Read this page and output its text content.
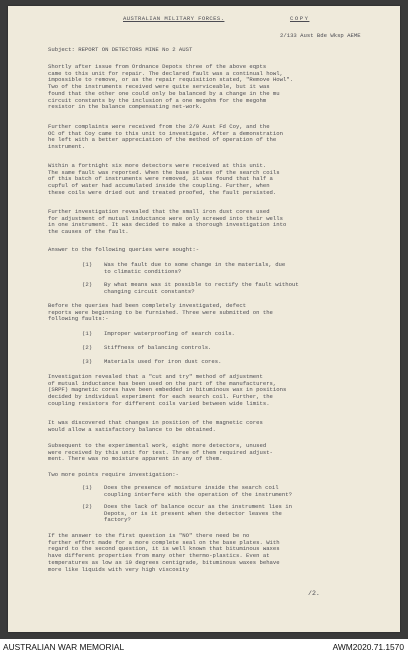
AUSTRALIAN MILITARY FORCES.	COPY
2/133 Aust Bde Wksp AEME
Subject: REPORT ON DETECTORS MINE No 2 AUST
Shortly after issue from Ordnance Depots three of the above eqpts
came to this unit for repair. The declared fault was a continual howl,
impossible to remove, or as the repair requisition stated, "Remove Howl".
Two of the instruments received were quite serviceable, but it was
found that the other one could only be balanced by a change in the mu
circuit constants by the inclusion of a one megohm for the megohm
resistor in the balance compensating net-work.
Further complaints were received from the 2/9 Aust Fd Coy, and the
OC of that Coy came to this unit to investigate. After a demonstration
he left with a better appreciation of the method of operation of the
instrument.
Within a fortnight six more detectors were received at this unit.
The same fault was reported. When the base plates of the search coils
of this batch of instruments were removed, it was found that half a
cupful of water had accumulated inside the coupling. Further, when
these coils were dried out and treated proofed, the fault persisted.
Further investigation revealed that the small iron dust cores used
for adjustment of mutual inductance were only screwed into their wells
in one instrument. It was decided to make a thorough investigation into
the causes of the fault.
Answer to the following queries were sought:-
(1) Was the fault due to some change in the materials, due
to climatic conditions?
(2) By what means was it possible to rectify the fault without
changing circuit constants?
Before the queries had been completely investigated, defect
reports were beginning to be furnished. Three were submitted on the
following faults:-
(1) Improper waterproofing of search coils.
(2) Stiffness of balancing controls.
(3) Materials used for iron dust cores.
Investigation revealed that a "cut and try" method of adjustment
of mutual inductance has been used on the part of the manufacturers,
(SRPF) magnetic cores have been embedded in bituminous wax in positions
decided by individual experiment for each search coil. Further, the
coupling resistors for different coils varied between wide limits.
It was discovered that changes in position of the magnetic cores
would allow a satisfactory balance to be obtained.
Subsequent to the experimental work, eight more detectors, unused
were received by this unit for test. Three of them required adjust-
ment. There was no moisture apparent in any of them.
Two more points require investigation:-
(1) Does the presence of moisture inside the search coil
coupling interfere with the operation of the instrument?
(2) Does the lack of balance occur as the instrument lies in
Depots, or is it present when the detector leaves the
factory?
If the answer to the first question is "NO" there need be no
further effort made for a more complete seal on the base plates. With
regard to the second question, it is well known that bituminous waxes
have different properties from many other thermo-plastics. Even at
temperatures as low as 10 degrees centigrade, bituminous waxes behave
more like liquids with very high viscosity
/2.
AUSTRALIAN WAR MEMORIAL	AWM2020.71.1570
